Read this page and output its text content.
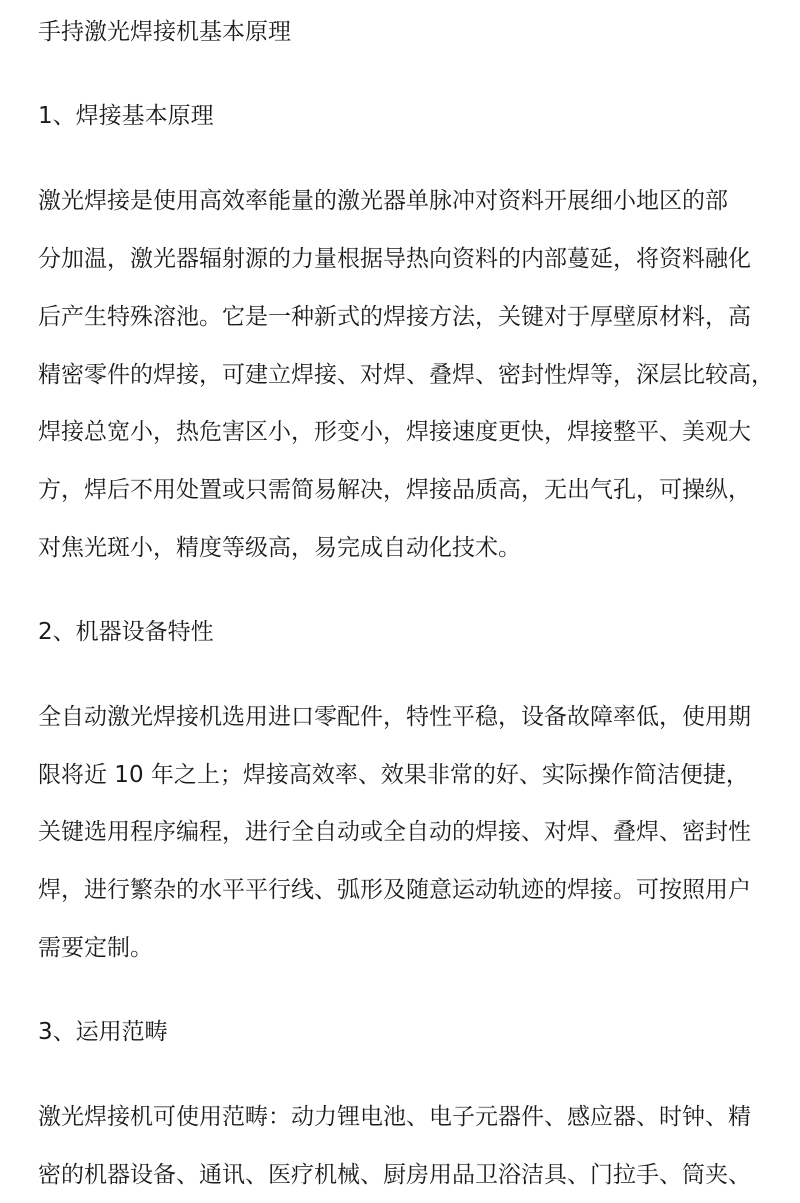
手持激光焊接机基本原理
1、焊接基本原理
激光焊接是使用高效率能量的激光器单脉冲对资料开展细小地区的部
分加温，激光器辐射源的力量根据导热向资料的内部蔓延，将资料融化
后产生特殊溶池。它是一种新式的焊接方法，关键对于厚壁原材料，高
精密零件的焊接，可建立焊接、对焊、叠焊、密封性焊等，深层比较高，
焊接总宽小，热危害区小，形变小，焊接速度更快，焊接整平、美观大
方，焊后不用处置或只需简易解决，焊接品质高，无出气孔，可操纵，
对焦光斑小，精度等级高，易完成自动化技术。
2、机器设备特性
全自动激光焊接机选用进口零配件，特性平稳，设备故障率低，使用期
限将近 10 年之上；焊接高效率、效果非常的好、实际操作简洁便捷，
关键选用程序编程，进行全自动或全自动的焊接、对焊、叠焊、密封性
焊，进行繁杂的水平平行线、弧形及随意运动轨迹的焊接。可按照用户
需要定制。
3、运用范畴
激光焊接机可使用范畴：动力锂电池、电子元器件、感应器、时钟、精
密的机器设备、通讯、医疗机械、厨房用品卫浴洁具、门拉手、筒夹、
